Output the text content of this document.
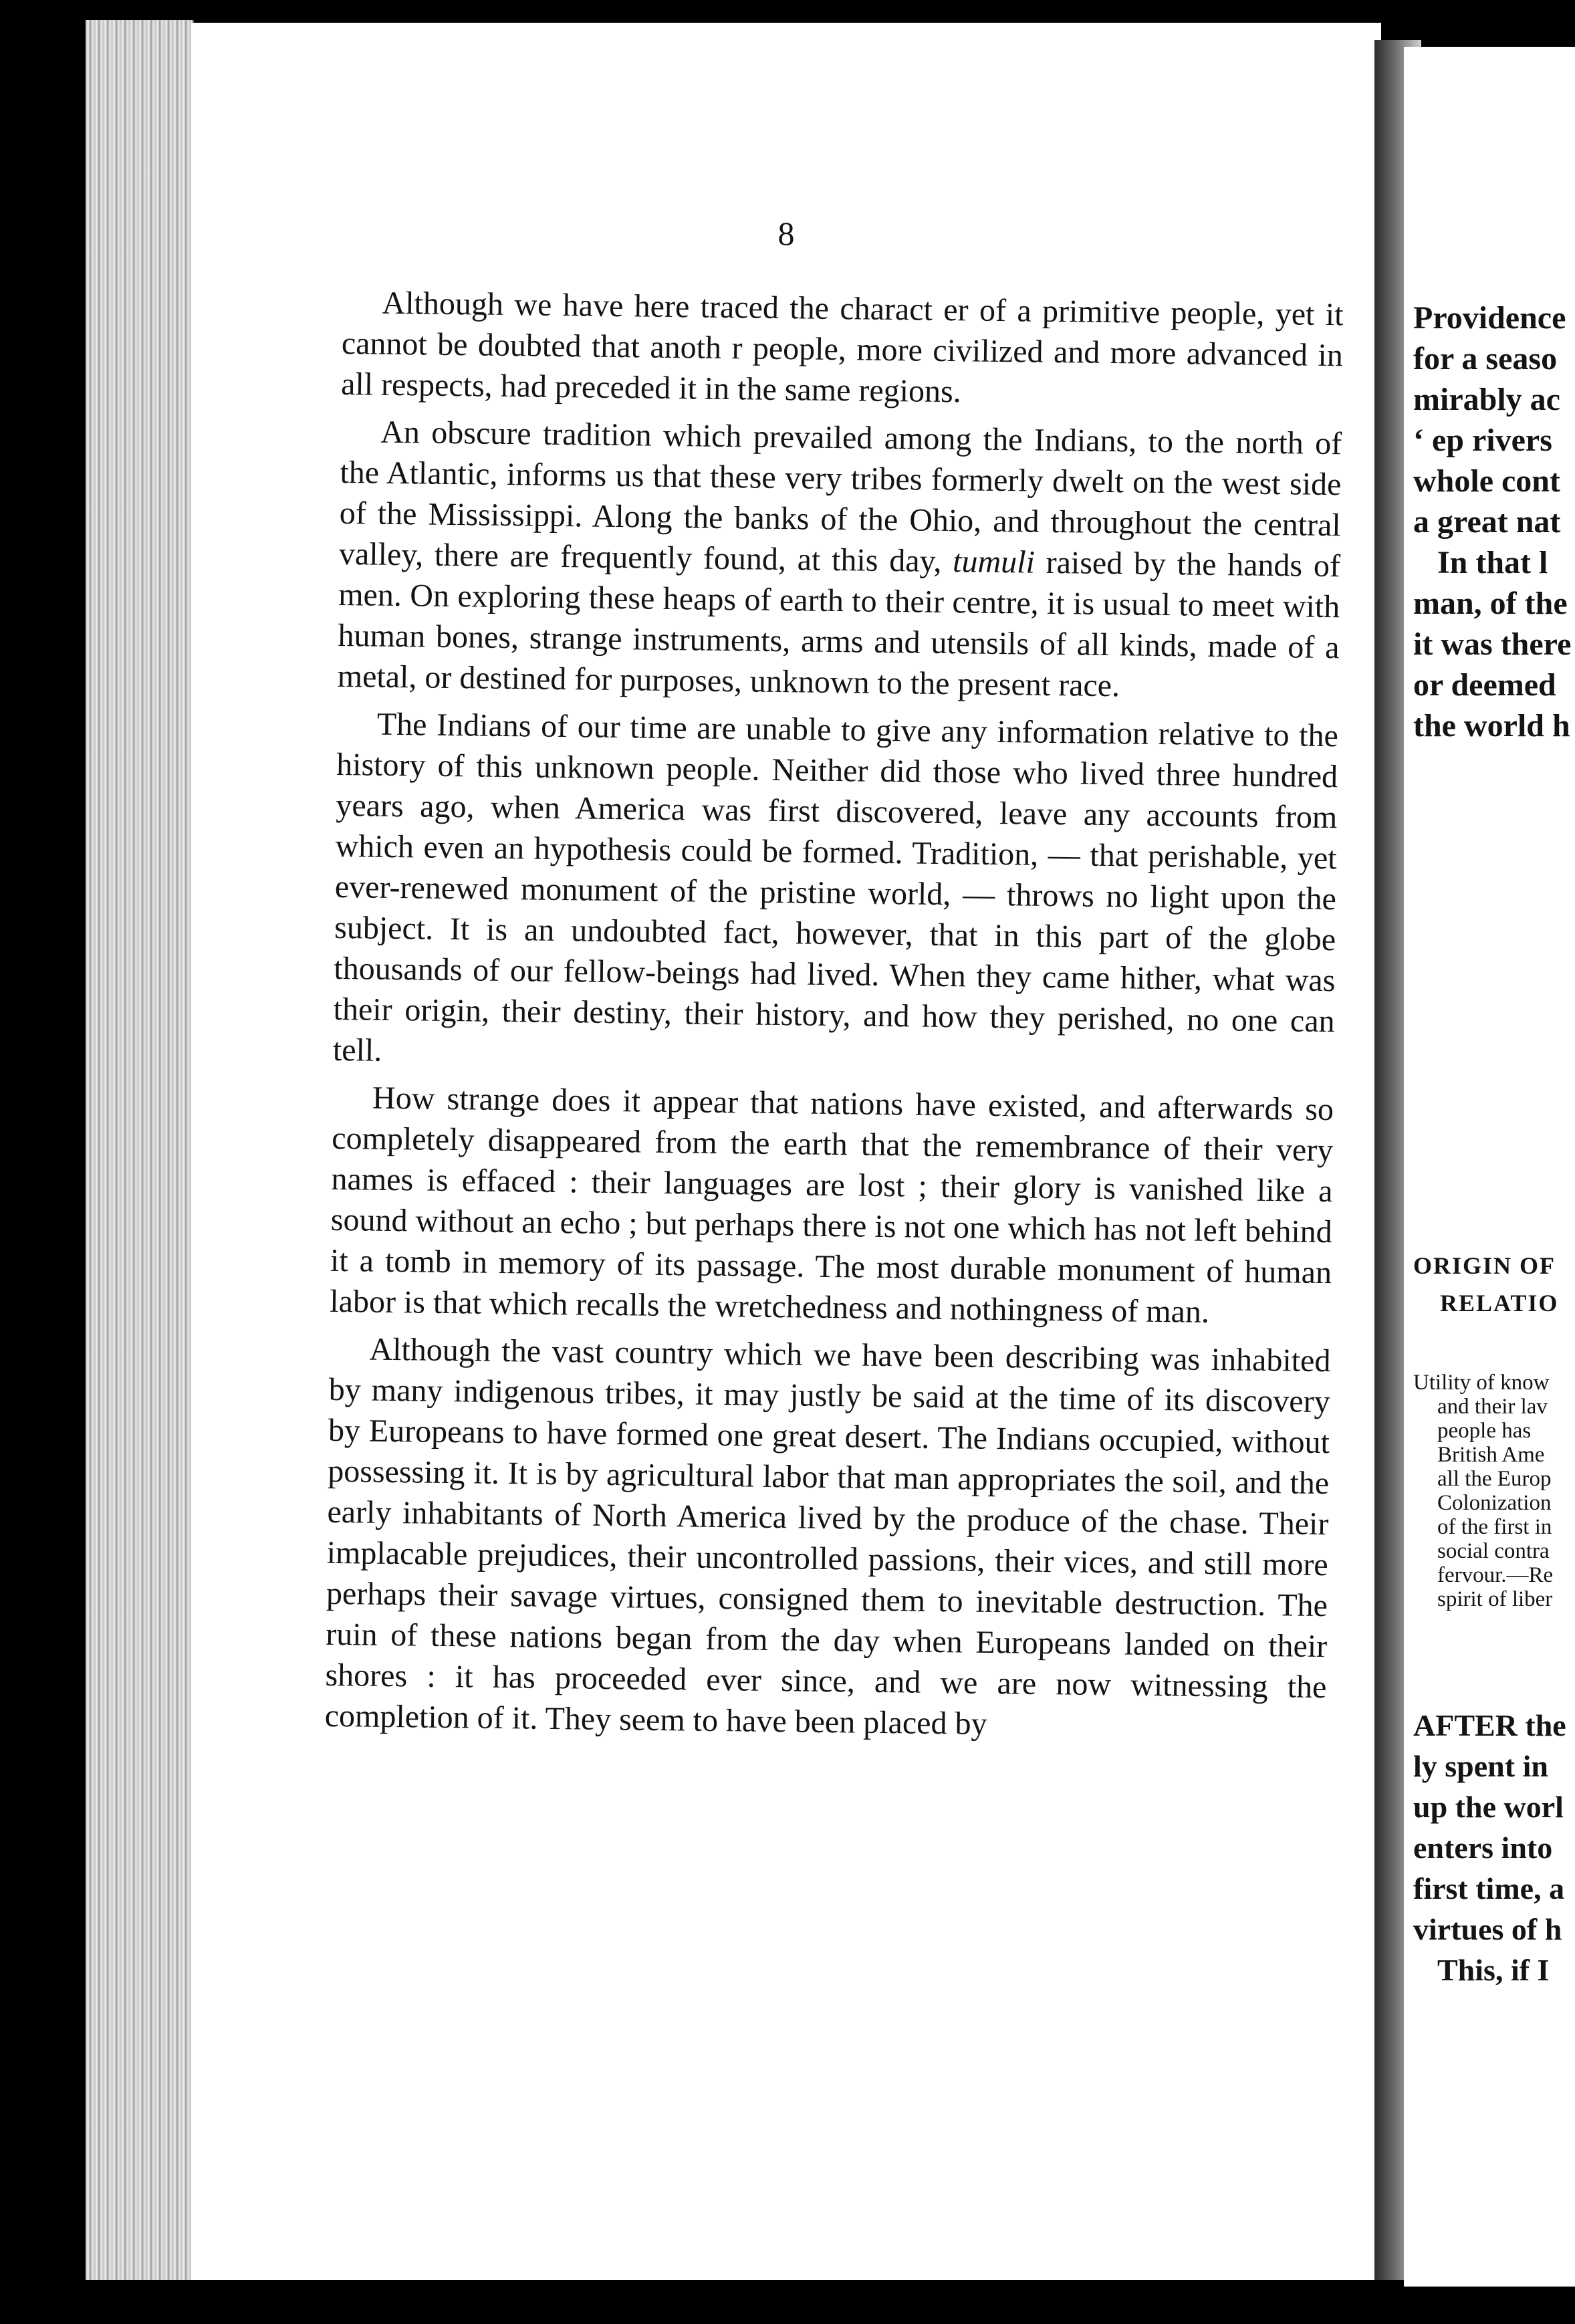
8

Although we have here traced the charact er of a primitive people, yet it cannot be doubted that anoth r people, more civilized and more advanced in all respects, had preceded it in the same regions.

An obscure tradition which prevailed among the Indians, to the north of the Atlantic, informs us that these very tribes formerly dwelt on the west side of the Mississippi. Along the banks of the Ohio, and throughout the central valley, there are frequently found, at this day, tumuli raised by the hands of men. On exploring these heaps of earth to their centre, it is usual to meet with human bones, strange instruments, arms and utensils of all kinds, made of a metal, or destined for purposes, unknown to the present race.

The Indians of our time are unable to give any information relative to the history of this unknown people. Neither did those who lived three hundred years ago, when America was first discovered, leave any accounts from which even an hypothesis could be formed. Tradition, — that perishable, yet ever-renewed monument of the pristine world, — throws no light upon the subject. It is an undoubted fact, however, that in this part of the globe thousands of our fellow-beings had lived. When they came hither, what was their origin, their destiny, their history, and how they perished, no one can tell.

How strange does it appear that nations have existed, and afterwards so completely disappeared from the earth that the remembrance of their very names is effaced : their languages are lost ; their glory is vanished like a sound without an echo ; but perhaps there is not one which has not left behind it a tomb in memory of its passage. The most durable monument of human labor is that which recalls the wretchedness and nothingness of man.

Although the vast country which we have been describing was inhabited by many indigenous tribes, it may justly be said at the time of its discovery by Europeans to have formed one great desert. The Indians occupied, without possessing it. It is by agricultural labor that man appropriates the soil, and the early inhabitants of North America lived by the produce of the chase. Their implacable prejudices, their uncontrolled passions, their vices, and still more perhaps their savage virtues, consigned them to inevitable destruction. The ruin of these nations began from the day when Europeans landed on their shores : it has proceeded ever since, and we are now witnessing the completion of it. They seem to have been placed by

Providence
for a seaso
mirably ac
‘ ep rivers
whole cont
a great nat
In that l
man, of the
it was there
or deemed
the world h
ORIGIN OF
RELATIO
Utility of know
and their lav
people has
British Ame
all the Europ
Colonization
of the first in
social contra
fervour.—Re
spirit of liber
AFTER the
ly spent in
up the worl
enters into
first time, a
virtues of h
This, if I
